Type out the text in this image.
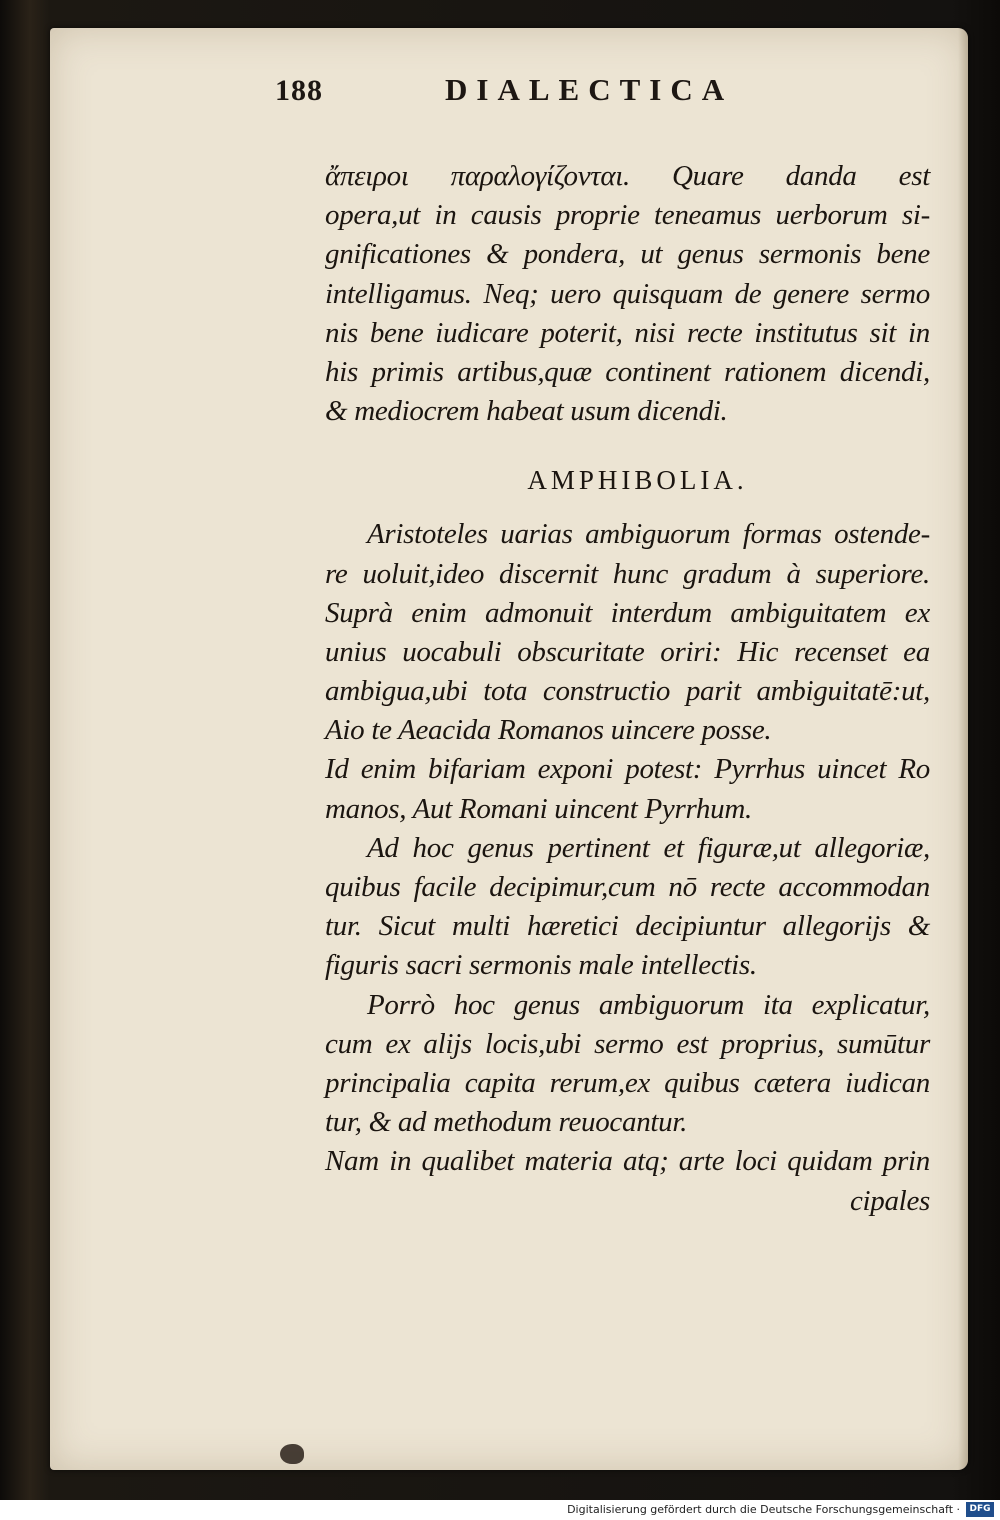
188	DIALECTICA
ἄπειροι παραλογίζονται. Quare danda est
opera,ut in causis proprie teneamus uerborum si-
gnificationes & pondera, ut genus sermonis bene
intelligamus. Neq; uero quisquam de genere sermo
nis bene iudicare poterit, nisi recte institutus sit in
his primis artibus,quæ continent rationem dicendi,
& mediocrem habeat usum dicendi.
AMPHIBOLIA.
Aristoteles uarias ambiguorum formas ostende-
re uoluit,ideo discernit hunc gradum à superiore.
Suprà enim admonuit interdum ambiguitatem ex
unius uocabuli obscuritate oriri: Hic recenset ea
ambigua,ubi tota constructio parit ambiguitatē:ut,
Aio te Aeacida Romanos uincere posse.
Id enim bifariam exponi potest: Pyrrhus uincet Ro
manos, Aut Romani uincent Pyrrhum.
Ad hoc genus pertinent et figuræ,ut allegoriæ,
quibus facile decipimur,cum nō recte accommodan
tur. Sicut multi hæretici decipiuntur allegorijs &
figuris sacri sermonis male intellectis.
Porrò hoc genus ambiguorum ita explicatur,
cum ex alijs locis,ubi sermo est proprius, sumūtur
principalia capita rerum,ex quibus cætera iudican
tur, & ad methodum reuocantur.
Nam in qualibet materia atq; arte loci quidam prin
cipales
Digitalisierung gefördert durch die Deutsche Forschungsgemeinschaft ·	DFG
